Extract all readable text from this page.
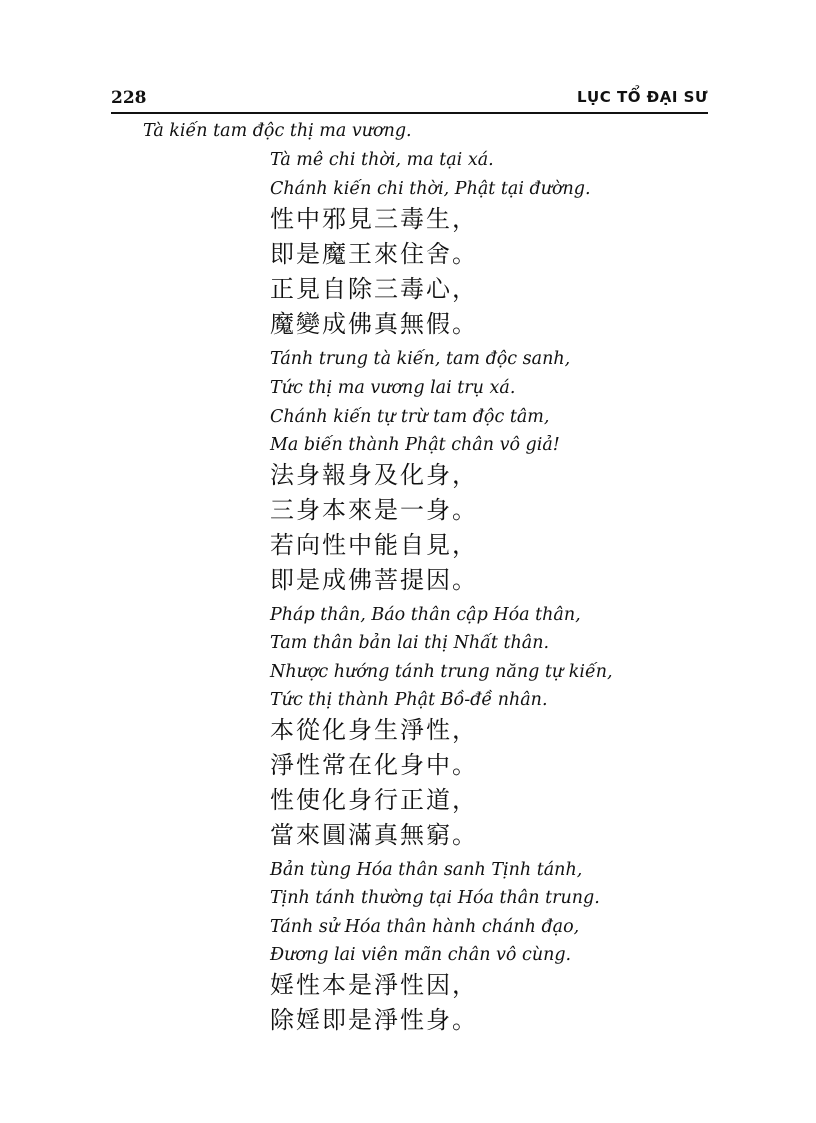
228	LỤC TỔ ĐẠI SƯ
Tà kiến tam độc thị ma vương.
Tà mê chi thời, ma tại xá.
Chánh kiến chi thời, Phật tại đường.
性中邪見三毒生，
即是魔王來住舍。
正見自除三毒心，
魔變成佛真無假。
Tánh trung tà kiến, tam độc sanh,
Tức thị ma vương lai trụ xá.
Chánh kiến tự trừ tam độc tâm,
Ma biến thành Phật chân vô giả!
法身報身及化身，
三身本來是一身。
若向性中能自見，
即是成佛菩提因。
Pháp thân, Báo thân cập Hóa thân,
Tam thân bản lai thị Nhất thân.
Nhược hướng tánh trung năng tự kiến,
Tức thị thành Phật Bồ-đề nhân.
本從化身生淨性，
淨性常在化身中。
性使化身行正道，
當來圓滿真無窮。
Bản tùng Hóa thân sanh Tịnh tánh,
Tịnh tánh thường tại Hóa thân trung.
Tánh sử Hóa thân hành chánh đạo,
Đương lai viên mãn chân vô cùng.
婬性本是淨性因，
除婬即是淨性身。
